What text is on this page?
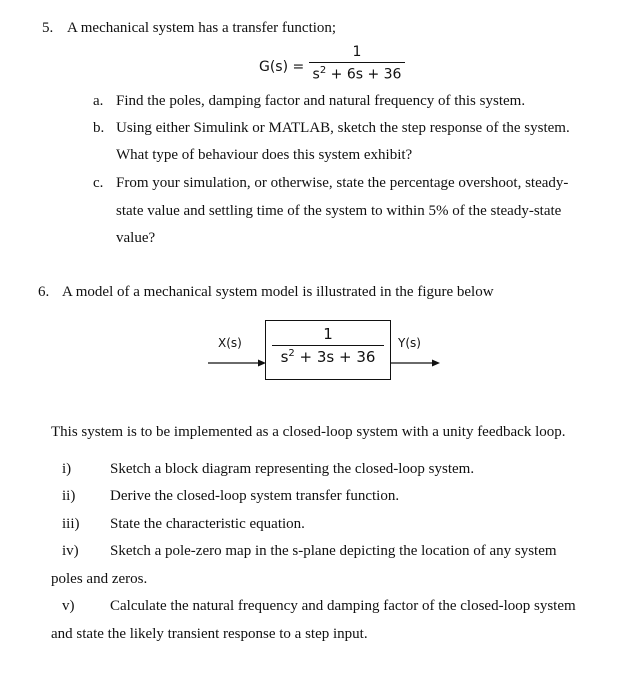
5. A mechanical system has a transfer function;
G(s) =
1
$s^2 + 6s + 36$
a. Find the poles, damping factor and natural frequency of this system.
b. Using either Simulink or MATLAB, sketch the step response of the system.
What type of behaviour does this system exhibit?
c. From your simulation, or otherwise, state the percentage overshoot, steady-
state value and settling time of the system to within 5% of the steady-state
value?
6. A model of a mechanical system model is illustrated in the figure below
X(s)	1
$s^2 + 3s + 36$
Y(s)
This system is to be implemented as a closed-loop system with a unity feedback loop.
i)	Sketch a block diagram representing the closed-loop system.
ii) Derive the closed-loop system transfer function.
iii) State the characteristic equation.
iv) Sketch a pole-zero map in the s-plane depicting the location of any system
poles and zeros.
v) Calculate the natural frequency and damping factor of the closed-loop system
and state the likely transient response to a step input.
